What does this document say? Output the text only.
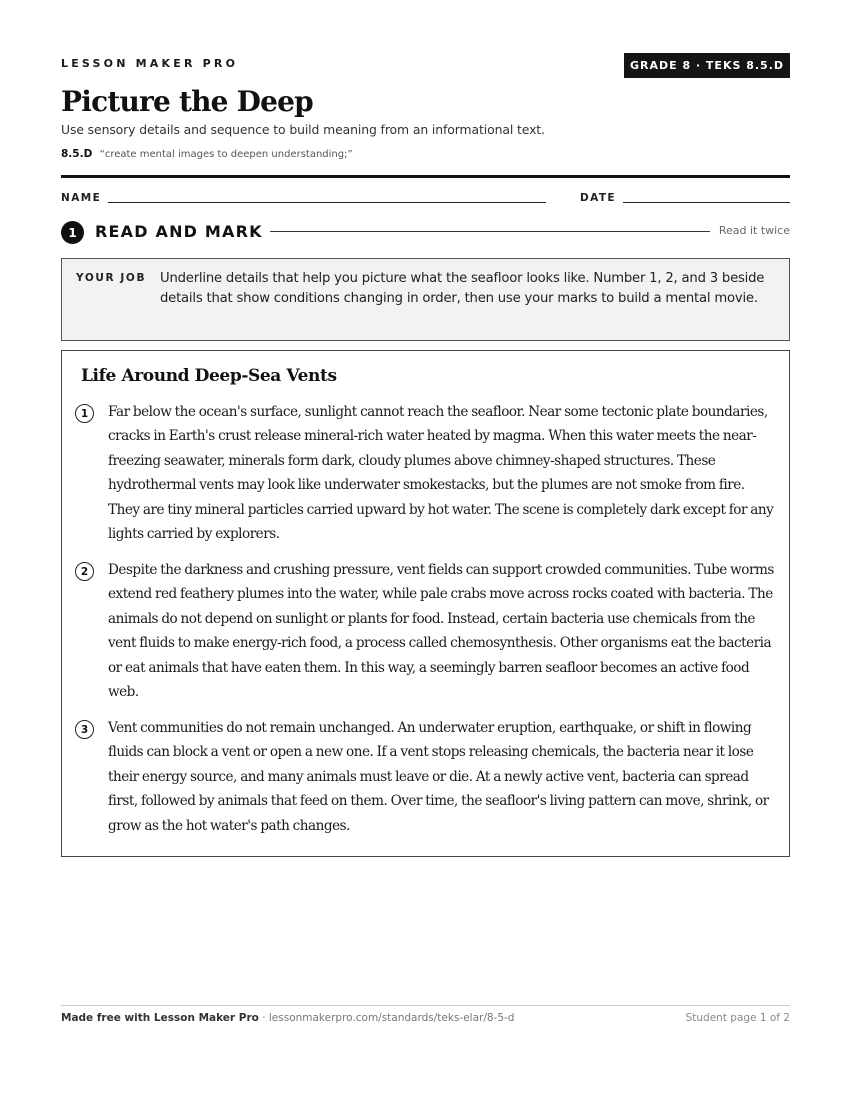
LESSON MAKER PRO	GRADE 8 · TEKS 8.5.D
Picture the Deep
Use sensory details and sequence to build meaning from an informational text.
8.5.D “create mental images to deepen understanding;”
NAME	DATE
1	READ AND MARK	Read it twice
YOUR JOB Underline details that help you picture what the seafloor looks like. Number 1, 2, and 3 beside details that show conditions changing in order, then use your marks to build a mental movie.
Life Around Deep-Sea Vents
1	Far below the ocean's surface, sunlight cannot reach the seafloor. Near some tectonic plate boundaries, cracks in Earth's crust release mineral-rich water heated by magma. When this water meets the near-freezing seawater, minerals form dark, cloudy plumes above chimney-shaped structures. These hydrothermal vents may look like underwater smokestacks, but the plumes are not smoke from fire. They are tiny mineral particles carried upward by hot water. The scene is completely dark except for any lights carried by explorers.

2	Despite the darkness and crushing pressure, vent fields can support crowded communities. Tube worms extend red feathery plumes into the water, while pale crabs move across rocks coated with bacteria. The animals do not depend on sunlight or plants for food. Instead, certain bacteria use chemicals from the vent fluids to make energy-rich food, a process called chemosynthesis. Other organisms eat the bacteria or eat animals that have eaten them. In this way, a seemingly barren seafloor becomes an active food web.

3	Vent communities do not remain unchanged. An underwater eruption, earthquake, or shift in flowing fluids can block a vent or open a new one. If a vent stops releasing chemicals, the bacteria near it lose their energy source, and many animals must leave or die. At a newly active vent, bacteria can spread first, followed by animals that feed on them. Over time, the seafloor's living pattern can move, shrink, or grow as the hot water's path changes.

Made free with Lesson Maker Pro · lessonmakerpro.com/standards/teks-elar/8-5-d	Student page 1 of 2
